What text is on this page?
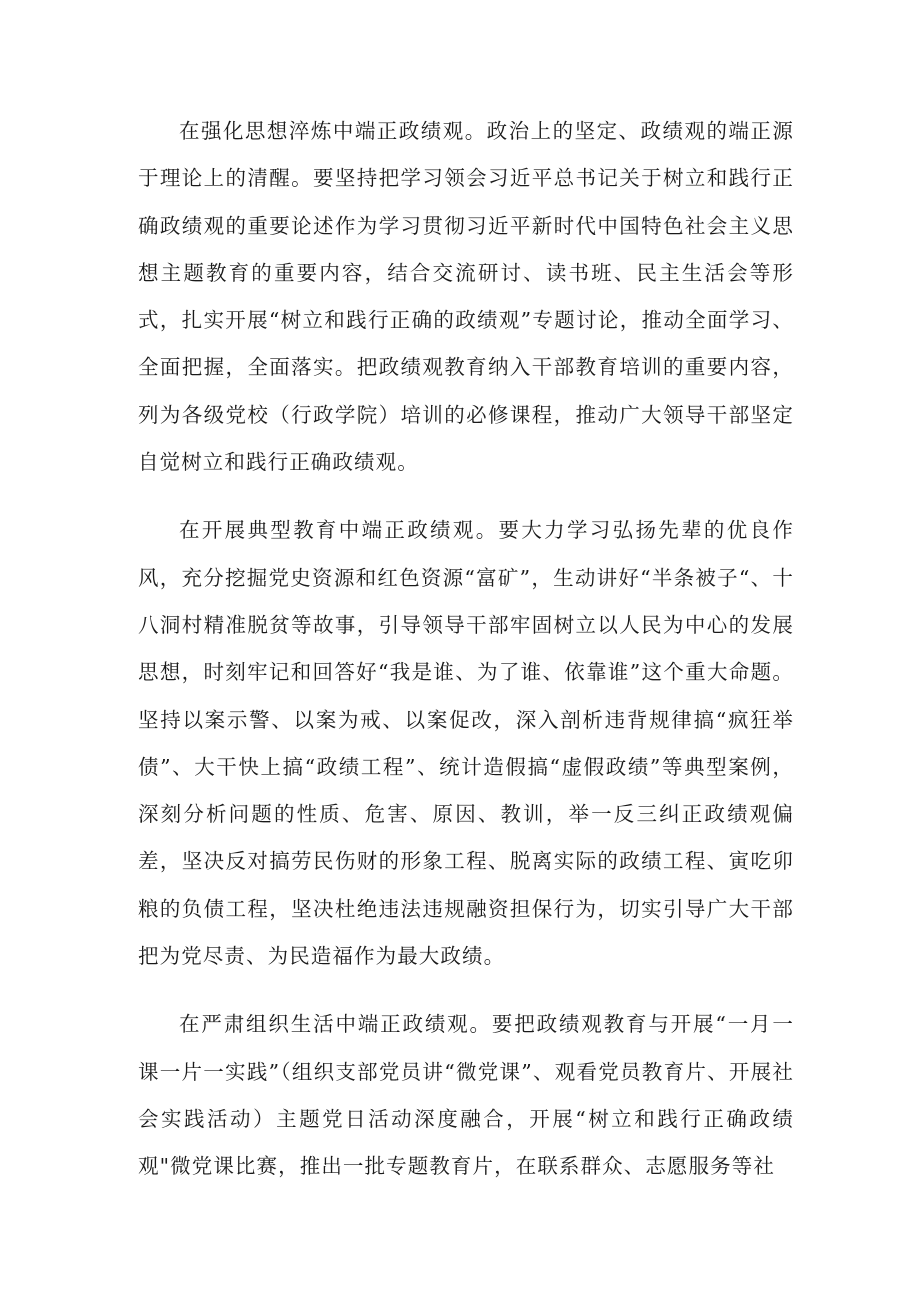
在强化思想淬炼中端正政绩观。政治上的坚定、政绩观的端正源于理论上的清醒。要坚持把学习领会习近平总书记关于树立和践行正确政绩观的重要论述作为学习贯彻习近平新时代中国特色社会主义思想主题教育的重要内容，结合交流研讨、读书班、民主生活会等形式，扎实开展“树立和践行正确的政绩观”专题讨论，推动全面学习、全面把握，全面落实。把政绩观教育纳入干部教育培训的重要内容，列为各级党校（行政学院）培训的必修课程，推动广大领导干部坚定自觉树立和践行正确政绩观。

在开展典型教育中端正政绩观。要大力学习弘扬先辈的优良作风，充分挖掘党史资源和红色资源“富矿”，生动讲好“半条被子“、十八洞村精准脱贫等故事，引导领导干部牢固树立以人民为中心的发展思想，时刻牢记和回答好“我是谁、为了谁、依靠谁”这个重大命题。坚持以案示警、以案为戒、以案促改，深入剖析违背规律搞“疯狂举债”、大干快上搞“政绩工程”、统计造假搞“虚假政绩”等典型案例，深刻分析问题的性质、危害、原因、教训，举一反三纠正政绩观偏差，坚决反对搞劳民伤财的形象工程、脱离实际的政绩工程、寅吃卯粮的负债工程，坚决杜绝违法违规融资担保行为，切实引导广大干部把为党尽责、为民造福作为最大政绩。

在严肃组织生活中端正政绩观。要把政绩观教育与开展“一月一课一片一实践”（组织支部党员讲“微党课”、观看党员教育片、开展社会实践活动）主题党日活动深度融合，开展“树立和践行正确政绩观"微党课比赛，推出一批专题教育片，在联系群众、志愿服务等社
